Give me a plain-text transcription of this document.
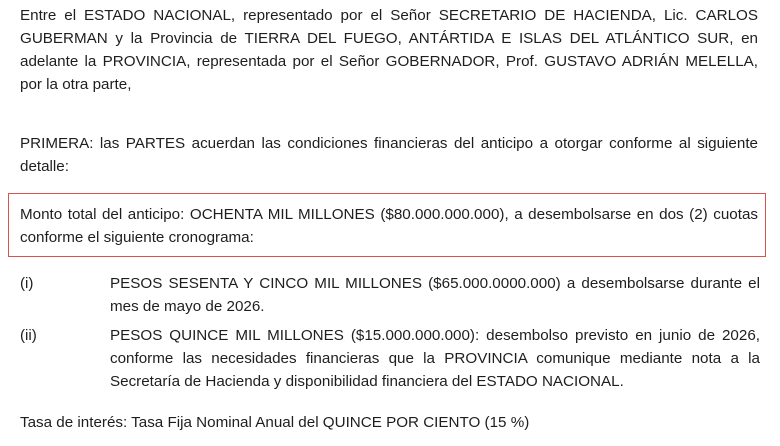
Entre el ESTADO NACIONAL, representado por el Señor SECRETARIO DE HACIENDA, Lic. CARLOS GUBERMAN y la Provincia de TIERRA DEL FUEGO, ANTÁRTIDA E ISLAS DEL ATLÁNTICO SUR, en adelante la PROVINCIA, representada por el Señor GOBERNADOR, Prof. GUSTAVO ADRIÁN MELELLA, por la otra parte,

PRIMERA: las PARTES acuerdan las condiciones financieras del anticipo a otorgar conforme al siguiente detalle:

Monto total del anticipo: OCHENTA MIL MILLONES ($80.000.000.000), a desembolsarse en dos (2) cuotas conforme el siguiente cronograma:

(i)	PESOS SESENTA Y CINCO MIL MILLONES ($65.000.0000.000) a desembolsarse durante el mes de mayo de 2026.
(ii)	PESOS QUINCE MIL MILLONES ($15.000.000.000): desembolso previsto en junio de 2026, conforme las necesidades financieras que la PROVINCIA comunique mediante nota a la Secretaría de Hacienda y disponibilidad financiera del ESTADO NACIONAL.

Tasa de interés: Tasa Fija Nominal Anual del QUINCE POR CIENTO (15 %)
